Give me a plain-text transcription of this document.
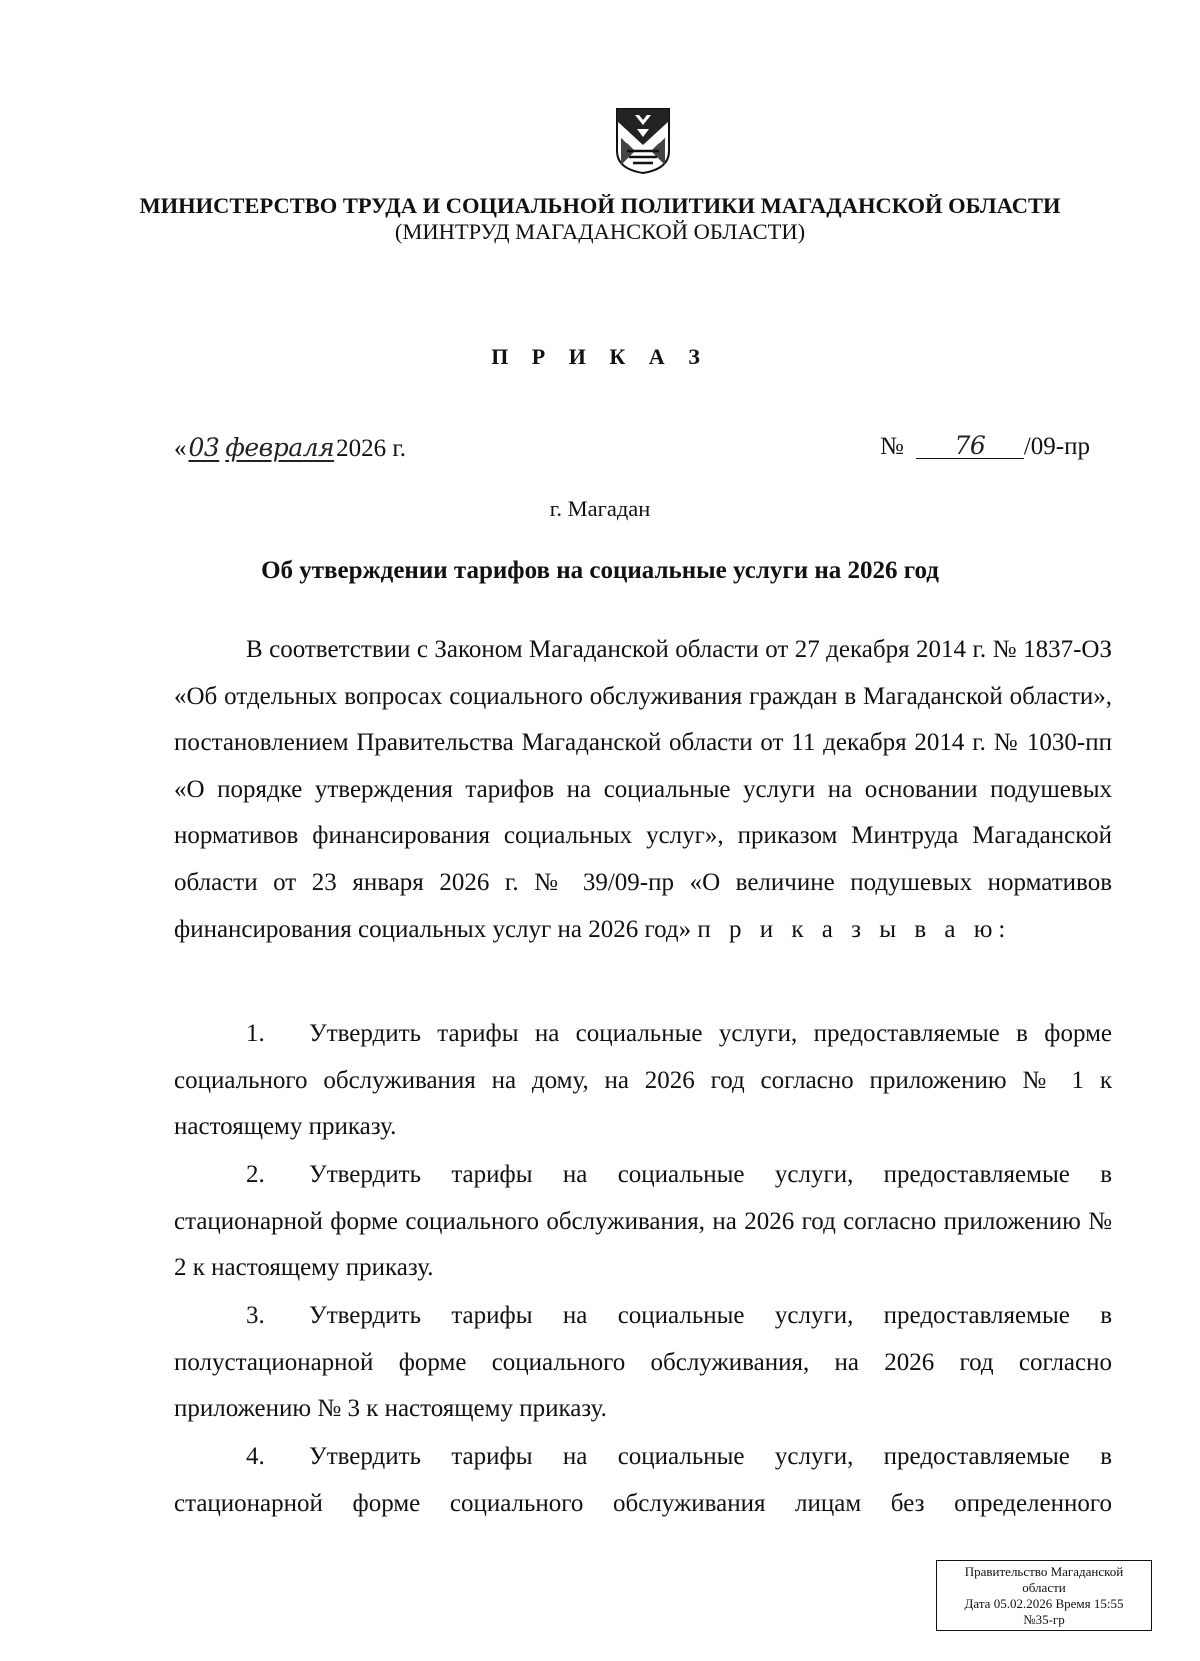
МИНИСТЕРСТВО ТРУДА И СОЦИАЛЬНОЙ ПОЛИТИКИ МАГАДАНСКОЙ ОБЛАСТИ
(МИНТРУД МАГАДАНСКОЙ ОБЛАСТИ)
П Р И К А З
«03 февраля2026 г.	№ 76 /09-пр
г. Магадан
Об утверждении тарифов на социальные услуги на 2026 год
В соответствии с Законом Магаданской области от 27 декабря 2014 г. № 1837-ОЗ «Об отдельных вопросах социального обслуживания граждан в Магаданской области», постановлением Правительства Магаданской области от 11 декабря 2014 г. № 1030-пп «О порядке утверждения тарифов на социальные услуги на основании подушевых нормативов финансирования социальных услуг», приказом Минтруда Магаданской области от 23 января 2026 г. № 39/09-пр «О величине подушевых нормативов финансирования социальных услуг на 2026 год» п р и к а з ы в а ю:
1. Утвердить тарифы на социальные услуги, предоставляемые в форме социального обслуживания на дому, на 2026 год согласно приложению № 1 к настоящему приказу.
2. Утвердить тарифы на социальные услуги, предоставляемые в стационарной форме социального обслуживания, на 2026 год согласно приложению № 2 к настоящему приказу.
3. Утвердить тарифы на социальные услуги, предоставляемые в полустационарной форме социального обслуживания, на 2026 год согласно приложению № 3 к настоящему приказу.
4. Утвердить тарифы на социальные услуги, предоставляемые в стационарной форме социального обслуживания лицам без определенного
Правительство Магаданской
области
Дата 05.02.2026 Время 15:55
№35-гр
